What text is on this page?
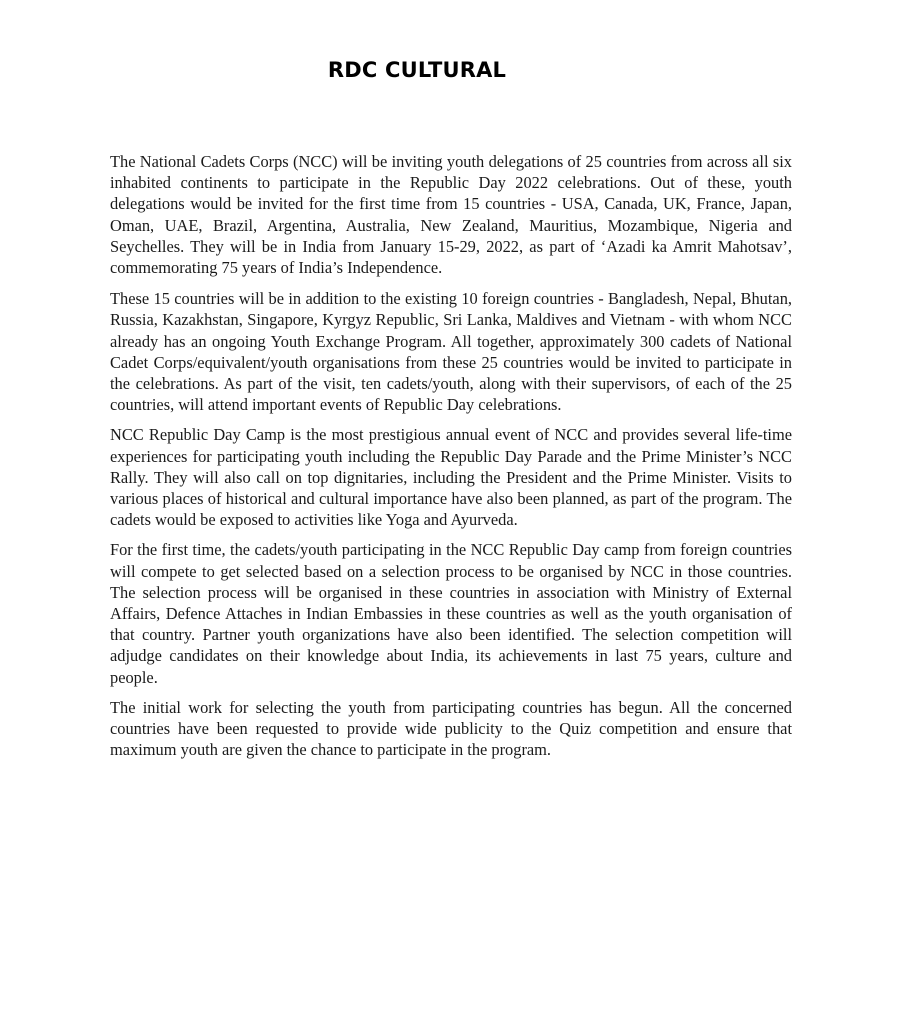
RDC CULTURAL

The National Cadets Corps (NCC) will be inviting youth delegations of 25 countries from across all six inhabited continents to participate in the Republic Day 2022 celebrations. Out of these, youth delegations would be invited for the first time from 15 countries - USA, Canada, UK, France, Japan, Oman, UAE, Brazil, Argentina, Australia, New Zealand, Mauritius, Mozambique, Nigeria and Seychelles. They will be in India from January 15-29, 2022, as part of ‘Azadi ka Amrit Mahotsav’, commemorating 75 years of India’s Independence.

These 15 countries will be in addition to the existing 10 foreign countries - Bangladesh, Nepal, Bhutan, Russia, Kazakhstan, Singapore, Kyrgyz Republic, Sri Lanka, Maldives and Vietnam - with whom NCC already has an ongoing Youth Exchange Program. All together, approximately 300 cadets of National Cadet Corps/equivalent/youth organisations from these 25 countries would be invited to participate in the celebrations. As part of the visit, ten cadets/youth, along with their supervisors, of each of the 25 countries, will attend important events of Republic Day celebrations.

NCC Republic Day Camp is the most prestigious annual event of NCC and provides several life-time experiences for participating youth including the Republic Day Parade and the Prime Minister’s NCC Rally. They will also call on top dignitaries, including the President and the Prime Minister. Visits to various places of historical and cultural importance have also been planned, as part of the program. The cadets would be exposed to activities like Yoga and Ayurveda.

For the first time, the cadets/youth participating in the NCC Republic Day camp from foreign countries will compete to get selected based on a selection process to be organised by NCC in those countries. The selection process will be organised in these countries in association with Ministry of External Affairs, Defence Attaches in Indian Embassies in these countries as well as the youth organisation of that country. Partner youth organizations have also been identified. The selection competition will adjudge candidates on their knowledge about India, its achievements in last 75 years, culture and people.

The initial work for selecting the youth from participating countries has begun. All the concerned countries have been requested to provide wide publicity to the Quiz competition and ensure that maximum youth are given the chance to participate in the program.
